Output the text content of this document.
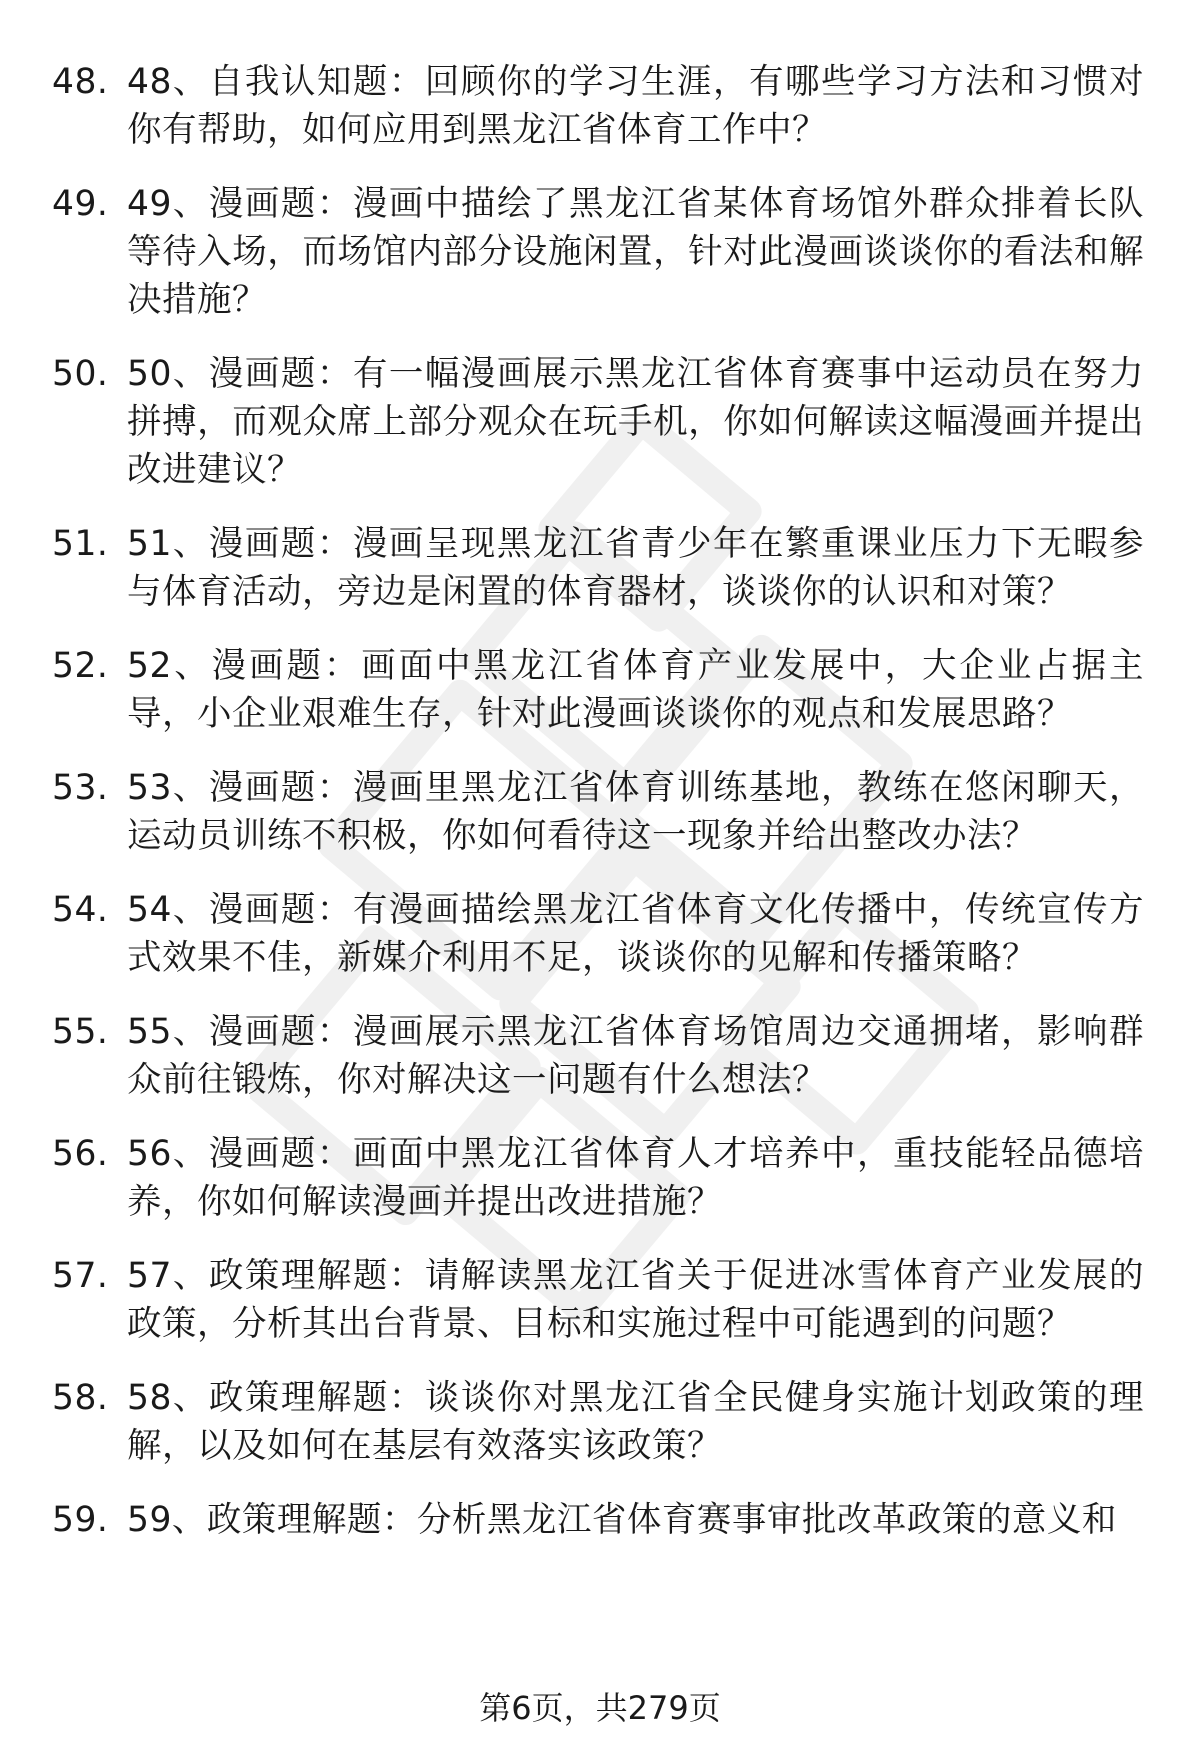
48. 48、自我认知题：回顾你的学习生涯，有哪些学习方法和习惯对你有帮助，如何应用到黑龙江省体育工作中？
49. 49、漫画题：漫画中描绘了黑龙江省某体育场馆外群众排着长队等待入场，而场馆内部分设施闲置，针对此漫画谈谈你的看法和解决措施？
50. 50、漫画题：有一幅漫画展示黑龙江省体育赛事中运动员在努力拼搏，而观众席上部分观众在玩手机，你如何解读这幅漫画并提出改进建议？
51. 51、漫画题：漫画呈现黑龙江省青少年在繁重课业压力下无暇参与体育活动，旁边是闲置的体育器材，谈谈你的认识和对策？
52. 52、漫画题：画面中黑龙江省体育产业发展中，大企业占据主导，小企业艰难生存，针对此漫画谈谈你的观点和发展思路？
53. 53、漫画题：漫画里黑龙江省体育训练基地，教练在悠闲聊天，运动员训练不积极，你如何看待这一现象并给出整改办法？
54. 54、漫画题：有漫画描绘黑龙江省体育文化传播中，传统宣传方式效果不佳，新媒介利用不足，谈谈你的见解和传播策略？
55. 55、漫画题：漫画展示黑龙江省体育场馆周边交通拥堵，影响群众前往锻炼，你对解决这一问题有什么想法？
56. 56、漫画题：画面中黑龙江省体育人才培养中，重技能轻品德培养，你如何解读漫画并提出改进措施？
57. 57、政策理解题：请解读黑龙江省关于促进冰雪体育产业发展的政策，分析其出台背景、目标和实施过程中可能遇到的问题？
58. 58、政策理解题：谈谈你对黑龙江省全民健身实施计划政策的理解，以及如何在基层有效落实该政策？
59. 59、政策理解题：分析黑龙江省体育赛事审批改革政策的意义和
第6页，共279页
